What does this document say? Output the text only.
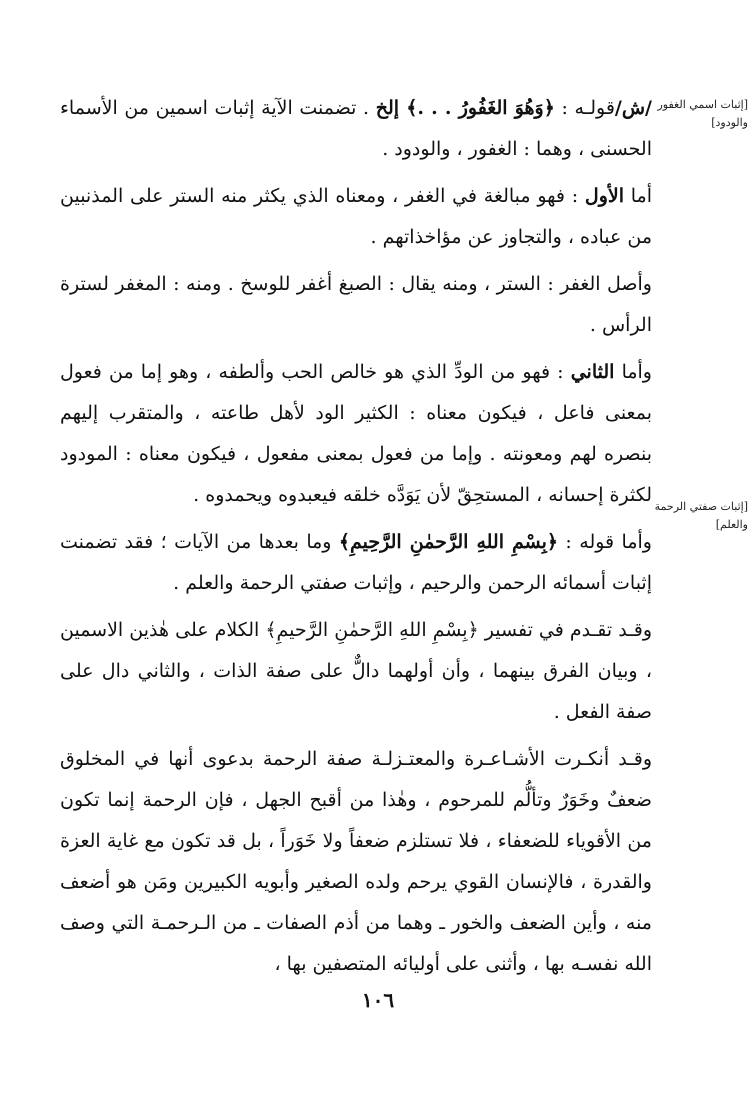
[إثبات اسمي الغفور والودود]
[إثبات صفتي الرحمة والعلم]

/ش/قولـه : ﴿وَهُوَ الغَفُورُ . . .﴾ إلخ . تضمنت الآية إثبات اسمين من الأسماء الحسنى ، وهما : الغفور ، والودود .

أما الأول : فهو مبالغة في الغفر ، ومعناه الذي يكثر منه الستر على المذنبين من عباده ، والتجاوز عن مؤاخذاتهم .

وأصل الغفر : الستر ، ومنه يقال : الصبغ أغفر للوسخ . ومنه : المغفر لسترة الرأس .

وأما الثاني : فهو من الودِّ الذي هو خالص الحب وألطفه ، وهو إما من فعول بمعنى فاعل ، فيكون معناه : الكثير الود لأهل طاعته ، والمتقرب إليهم بنصره لهم ومعونته . وإما من فعول بمعنى مفعول ، فيكون معناه : المودود لكثرة إحسانه ، المستحِقّ لأن يَوَدَّه خلقه فيعبدوه ويحمدوه .

وأما قوله : ﴿بِسْمِ اللهِ الرَّحمٰنِ الرَّحِيمِ﴾ وما بعدها من الآيات ؛ فقد تضمنت إثبات أسمائه الرحمن والرحيم ، وإثبات صفتي الرحمة والعلم .

وقـد تقـدم في تفسير ﴿بِسْمِ اللهِ الرَّحمٰنِ الرَّحيمِ﴾ الكلام على هٰذين الاسمين ، وبيان الفرق بينهما ، وأن أولهما دالٌّ على صفة الذات ، والثاني دال على صفة الفعل .

وقـد أنكـرت الأشـاعـرة والمعتـزلـة صفة الرحمة بدعوى أنها في المخلوق ضعفٌ وخَوَرٌ وتألُّم للمرحوم ، وهٰذا من أقبح الجهل ، فإن الرحمة إنما تكون من الأقوياء للضعفاء ، فلا تستلزم ضعفاً ولا خَوَراً ، بل قد تكون مع غاية العزة والقدرة ، فالإنسان القوي يرحم ولده الصغير وأبويه الكبيرين ومَن هو أضعف منه ، وأين الضعف والخور ـ وهما من أذم الصفات ـ من الـرحمـة التي وصف الله نفسـه بها ، وأثنى على أوليائه المتصفين بها ،

١٠٦
